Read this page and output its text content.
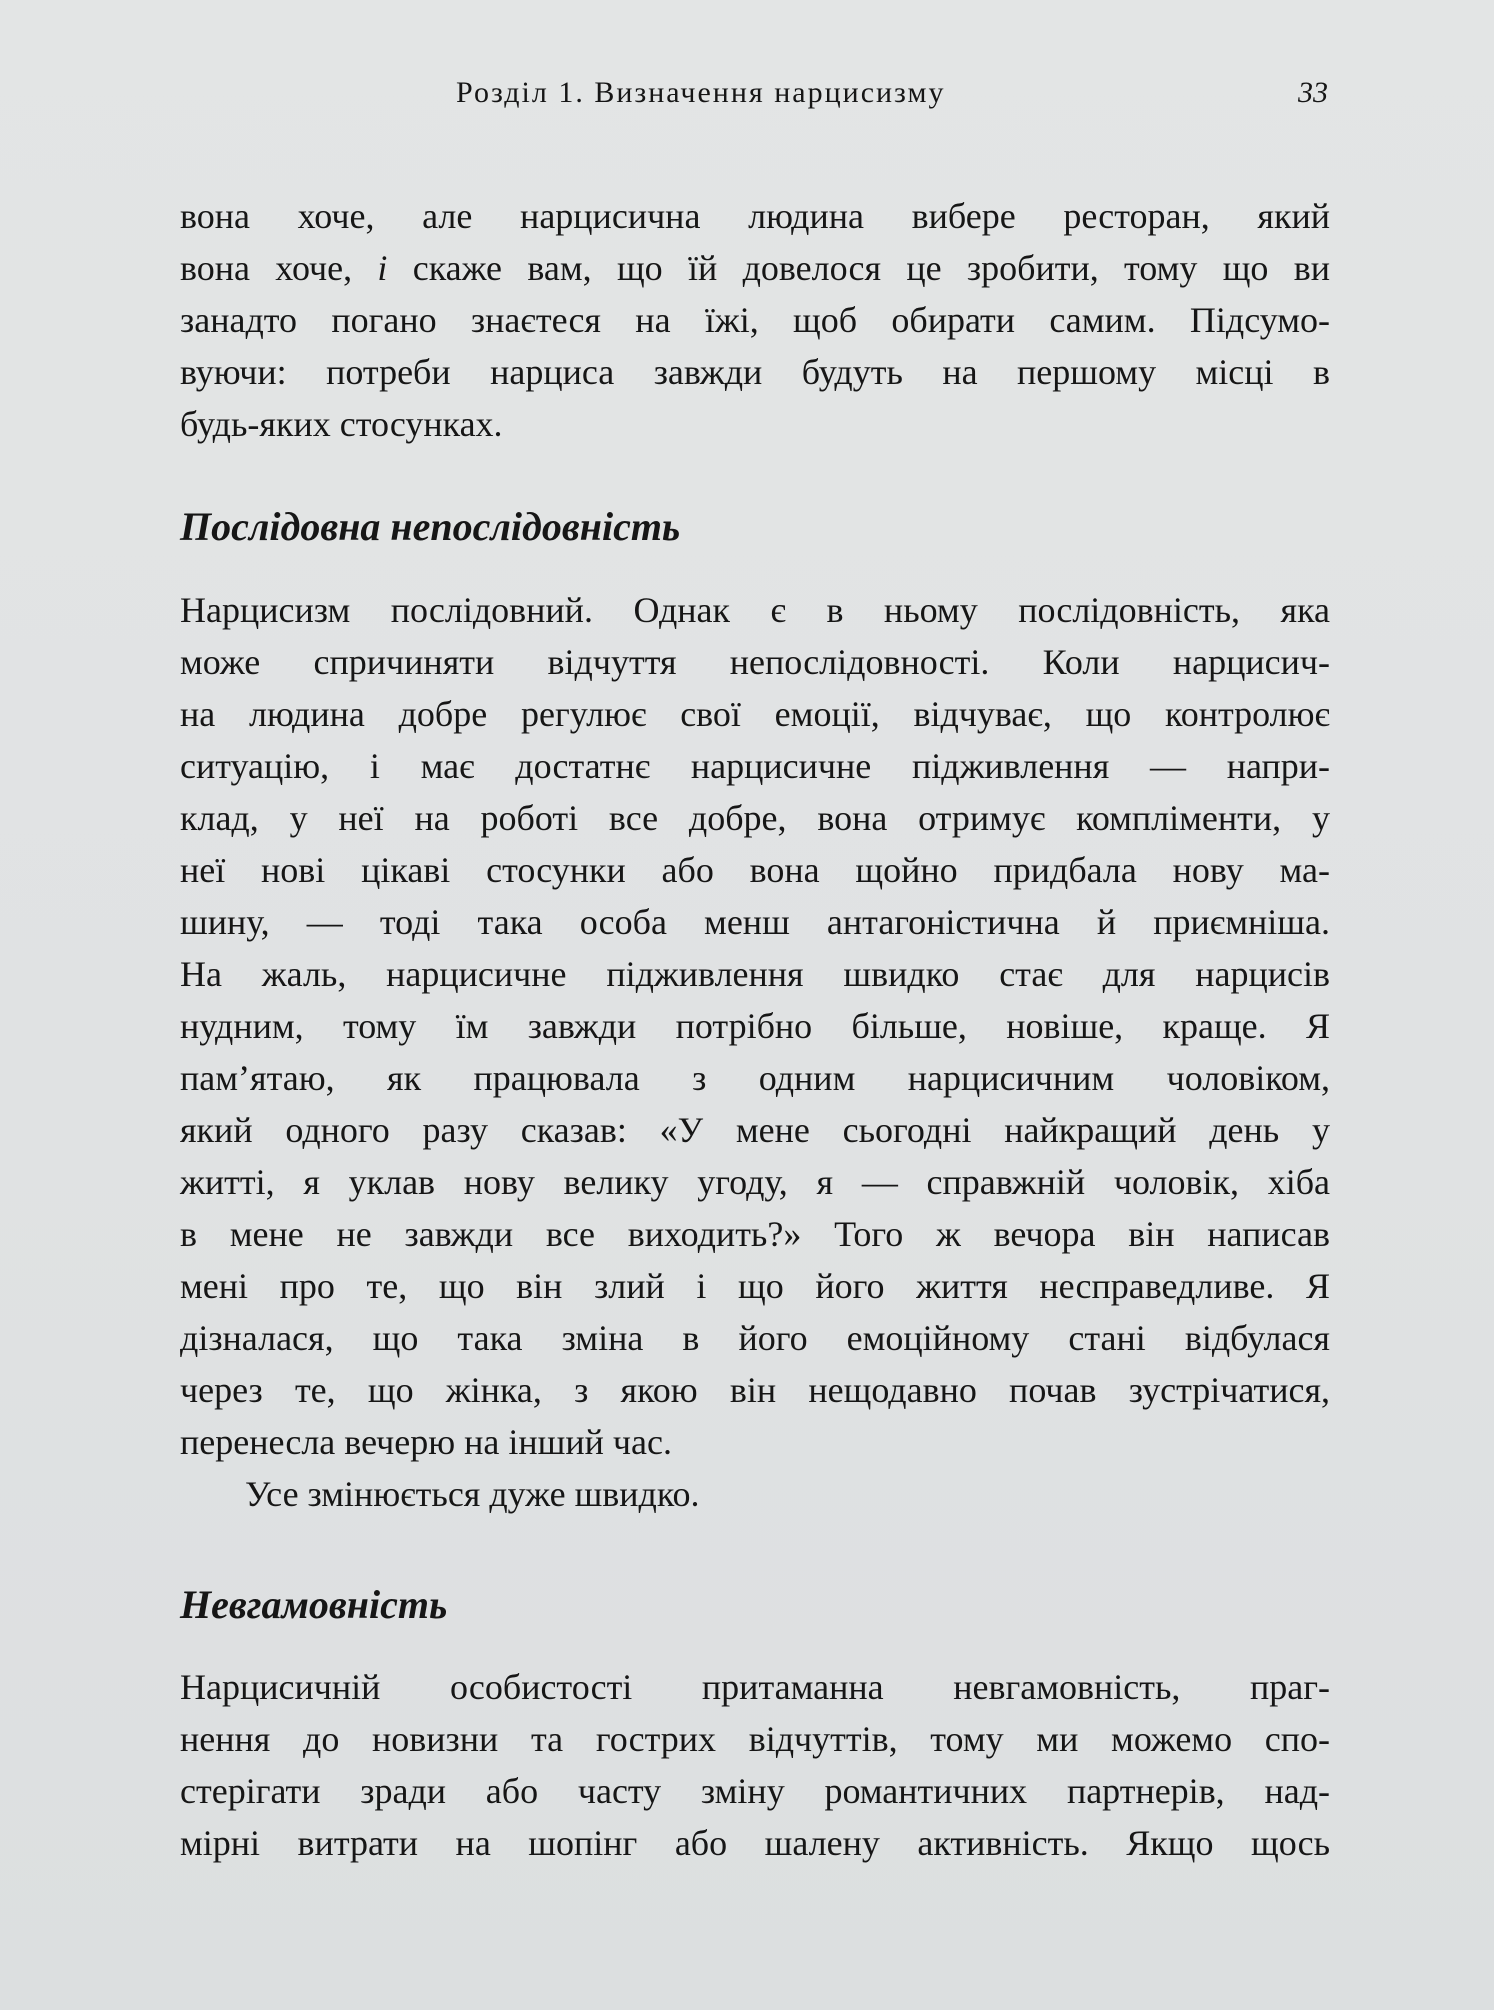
Розділ 1. Визначення нарцисизму	33
вона хоче, але нарцисична людина вибере ресторан, який
вона хоче, і скаже вам, що їй довелося це зробити, тому що ви
занадто погано знаєтеся на їжі, щоб обирати самим. Підсумо-
вуючи: потреби нарциса завжди будуть на першому місці в
будь-яких стосунках.
Послідовна непослідовність
Нарцисизм послідовний. Однак є в ньому послідовність, яка
може спричиняти відчуття непослідовності. Коли нарцисич-
на людина добре регулює свої емоції, відчуває, що контролює
ситуацію, і має достатнє нарцисичне підживлення — напри-
клад, у неї на роботі все добре, вона отримує компліменти, у
неї нові цікаві стосунки або вона щойно придбала нову ма-
шину, — тоді така особа менш антагоністична й приємніша.
На жаль, нарцисичне підживлення швидко стає для нарцисів
нудним, тому їм завжди потрібно більше, новіше, краще. Я
пам’ятаю, як працювала з одним нарцисичним чоловіком,
який одного разу сказав: «У мене сьогодні найкращий день у
житті, я уклав нову велику угоду, я — справжній чоловік, хіба
в мене не завжди все виходить?» Того ж вечора він написав
мені про те, що він злий і що його життя несправедливе. Я
дізналася, що така зміна в його емоційному стані відбулася
через те, що жінка, з якою він нещодавно почав зустрічатися,
перенесла вечерю на інший час.
Усе змінюється дуже швидко.
Невгамовність
Нарцисичній особистості притаманна невгамовність, праг-
нення до новизни та гострих відчуттів, тому ми можемо спо-
стерігати зради або часту зміну романтичних партнерів, над-
мірні витрати на шопінг або шалену активність. Якщо щось
